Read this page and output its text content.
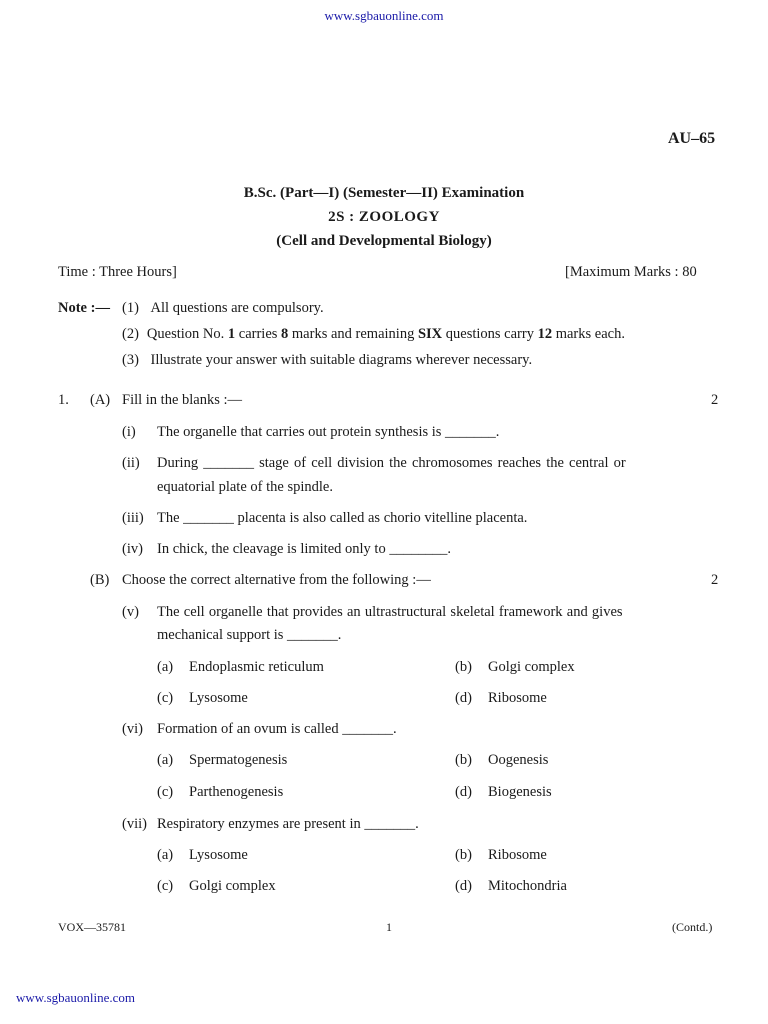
www.sgbauonline.com
AU–65
B.Sc. (Part—I) (Semester—II) Examination
2S : ZOOLOGY
(Cell and Developmental Biology)
Time : Three Hours]	[Maximum Marks : 80
Note :— (1) All questions are compulsory.
(2) Question No. 1 carries 8 marks and remaining SIX questions carry 12 marks each.
(3) Illustrate your answer with suitable diagrams wherever necessary.
1. (A) Fill in the blanks :—	2
(i) The organelle that carries out protein synthesis is _______.
(ii) During _______ stage of cell division the chromosomes reaches the central or
equatorial plate of the spindle.
(iii) The _______ placenta is also called as chorio vitelline placenta.
(iv) In chick, the cleavage is limited only to ________.
(B) Choose the correct alternative from the following :—	2
(v) The cell organelle that provides an ultrastructural skeletal framework and gives
mechanical support is _______.
(a) Endoplasmic reticulum	(b) Golgi complex
(c) Lysosome	(d) Ribosome
(vi) Formation of an ovum is called _______.
(a) Spermatogenesis	(b) Oogenesis
(c) Parthenogenesis	(d) Biogenesis
(vii) Respiratory enzymes are present in _______.
(a) Lysosome	(b) Ribosome
(c) Golgi complex	(d) Mitochondria
VOX—35781	1	(Contd.)
www.sgbauonline.com
